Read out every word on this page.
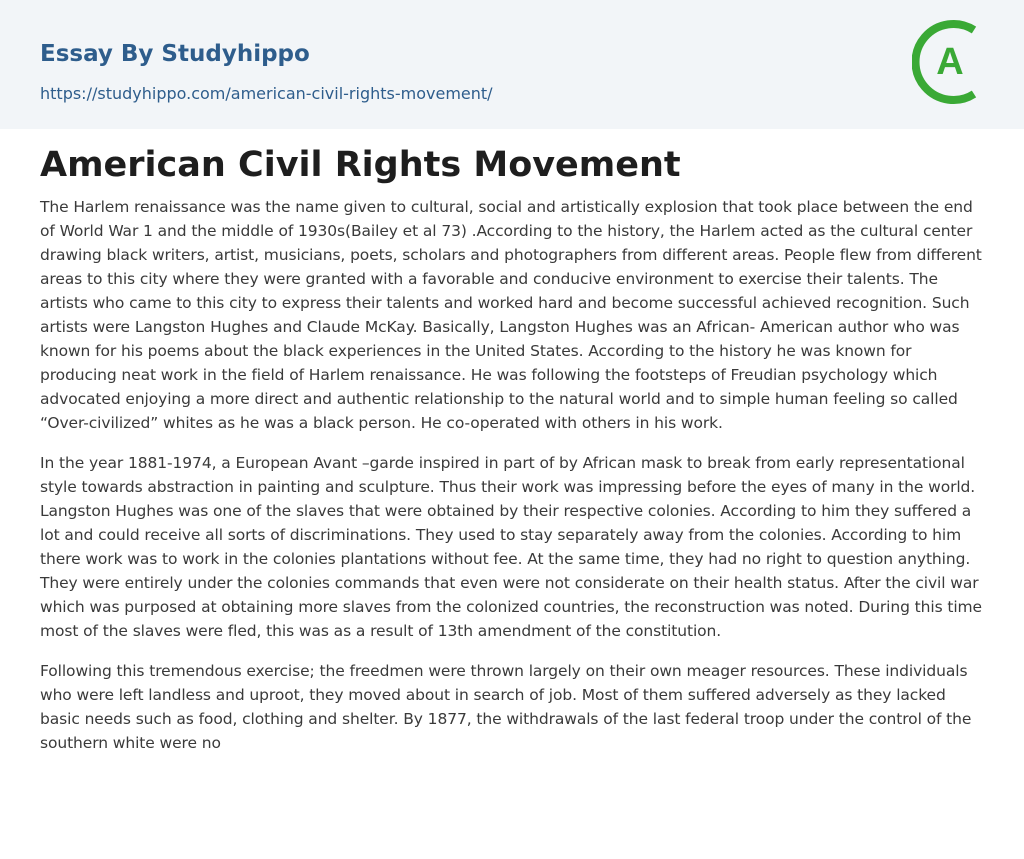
Essay By Studyhippo
https://studyhippo.com/american-civil-rights-movement/
A
American Civil Rights Movement

The Harlem renaissance was the name given to cultural, social and artistically explosion that took place between the end of World War 1 and the middle of 1930s(Bailey et al 73) .According to the history, the Harlem acted as the cultural center drawing black writers, artist, musicians, poets, scholars and photographers from different areas. People flew from different areas to this city where they were granted with a favorable and conducive environment to exercise their talents. The artists who came to this city to express their talents and worked hard and become successful achieved recognition. Such artists were Langston Hughes and Claude McKay. Basically, Langston Hughes was an African- American author who was known for his poems about the black experiences in the United States. According to the history he was known for producing neat work in the field of Harlem renaissance. He was following the footsteps of Freudian psychology which advocated enjoying a more direct and authentic relationship to the natural world and to simple human feeling so called “Over-civilized” whites as he was a black person. He co-operated with others in his work.

In the year 1881-1974, a European Avant –garde inspired in part of by African mask to break from early representational style towards abstraction in painting and sculpture. Thus their work was impressing before the eyes of many in the world. Langston Hughes was one of the slaves that were obtained by their respective colonies. According to him they suffered a lot and could receive all sorts of discriminations. They used to stay separately away from the colonies. According to him there work was to work in the colonies plantations without fee. At the same time, they had no right to question anything. They were entirely under the colonies commands that even were not considerate on their health status. After the civil war which was purposed at obtaining more slaves from the colonized countries, the reconstruction was noted. During this time most of the slaves were fled, this was as a result of 13th amendment of the constitution.

Following this tremendous exercise; the freedmen were thrown largely on their own meager resources. These individuals who were left landless and uproot, they moved about in search of job. Most of them suffered adversely as they lacked basic needs such as food, clothing and shelter. By 1877, the withdrawals of the last federal troop under the control of the southern white were no
